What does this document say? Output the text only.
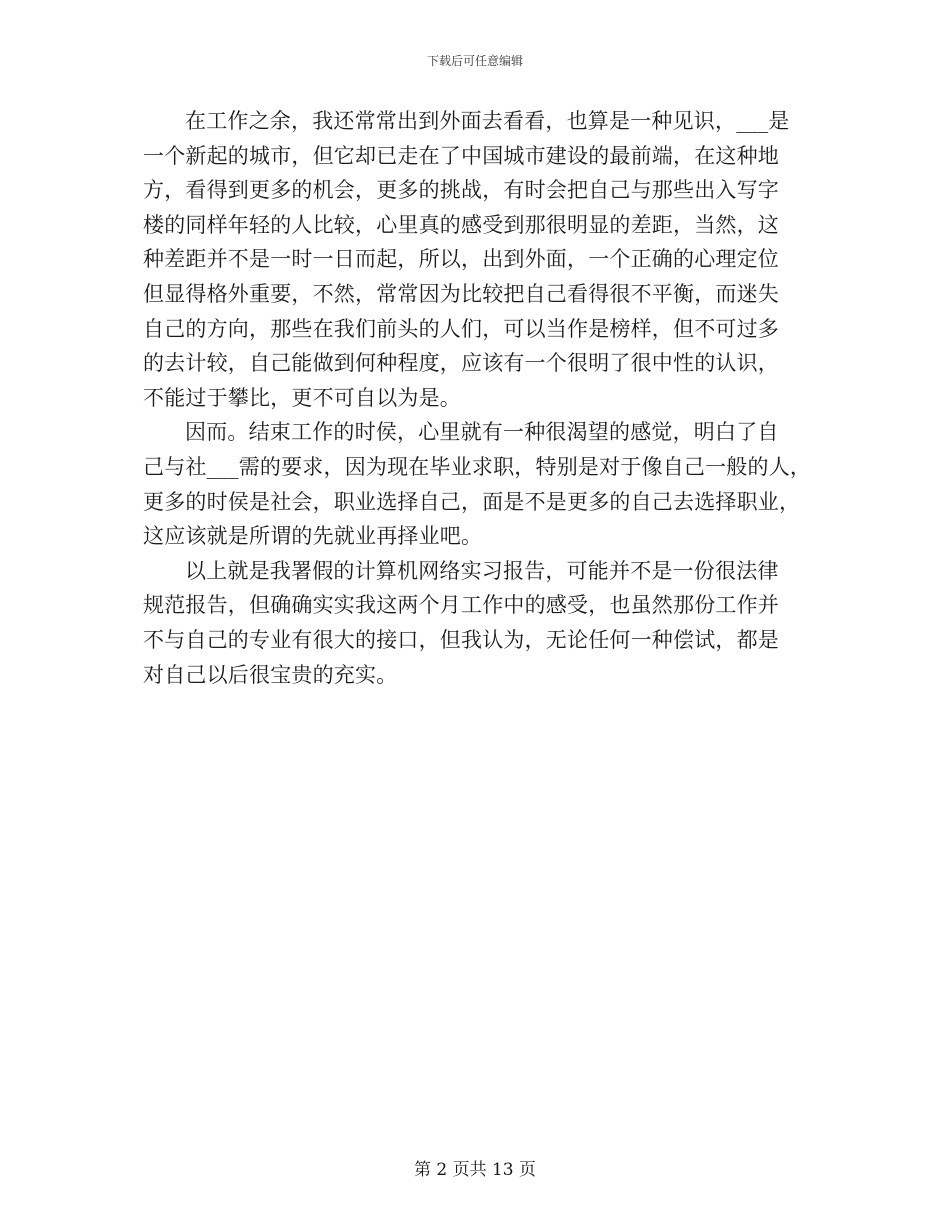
下载后可任意编辑
在工作之余，我还常常出到外面去看看，也算是一种见识，___是
一个新起的城市，但它却已走在了中国城市建设的最前端，在这种地
方，看得到更多的机会，更多的挑战，有时会把自己与那些出入写字
楼的同样年轻的人比较，心里真的感受到那很明显的差距，当然，这
种差距并不是一时一日而起，所以，出到外面，一个正确的心理定位
但显得格外重要，不然，常常因为比较把自己看得很不平衡，而迷失
自己的方向，那些在我们前头的人们，可以当作是榜样，但不可过多
的去计较，自己能做到何种程度，应该有一个很明了很中性的认识，
不能过于攀比，更不可自以为是。
因而。结束工作的时侯，心里就有一种很渴望的感觉，明白了自
己与社___需的要求，因为现在毕业求职，特别是对于像自己一般的人，
更多的时侯是社会，职业选择自己，面是不是更多的自己去选择职业，
这应该就是所谓的先就业再择业吧。
以上就是我署假的计算机网络实习报告，可能并不是一份很法律
规范报告，但确确实实我这两个月工作中的感受，也虽然那份工作并
不与自己的专业有很大的接口，但我认为，无论任何一种偿试，都是
对自己以后很宝贵的充实。
第 2 页共 13 页
